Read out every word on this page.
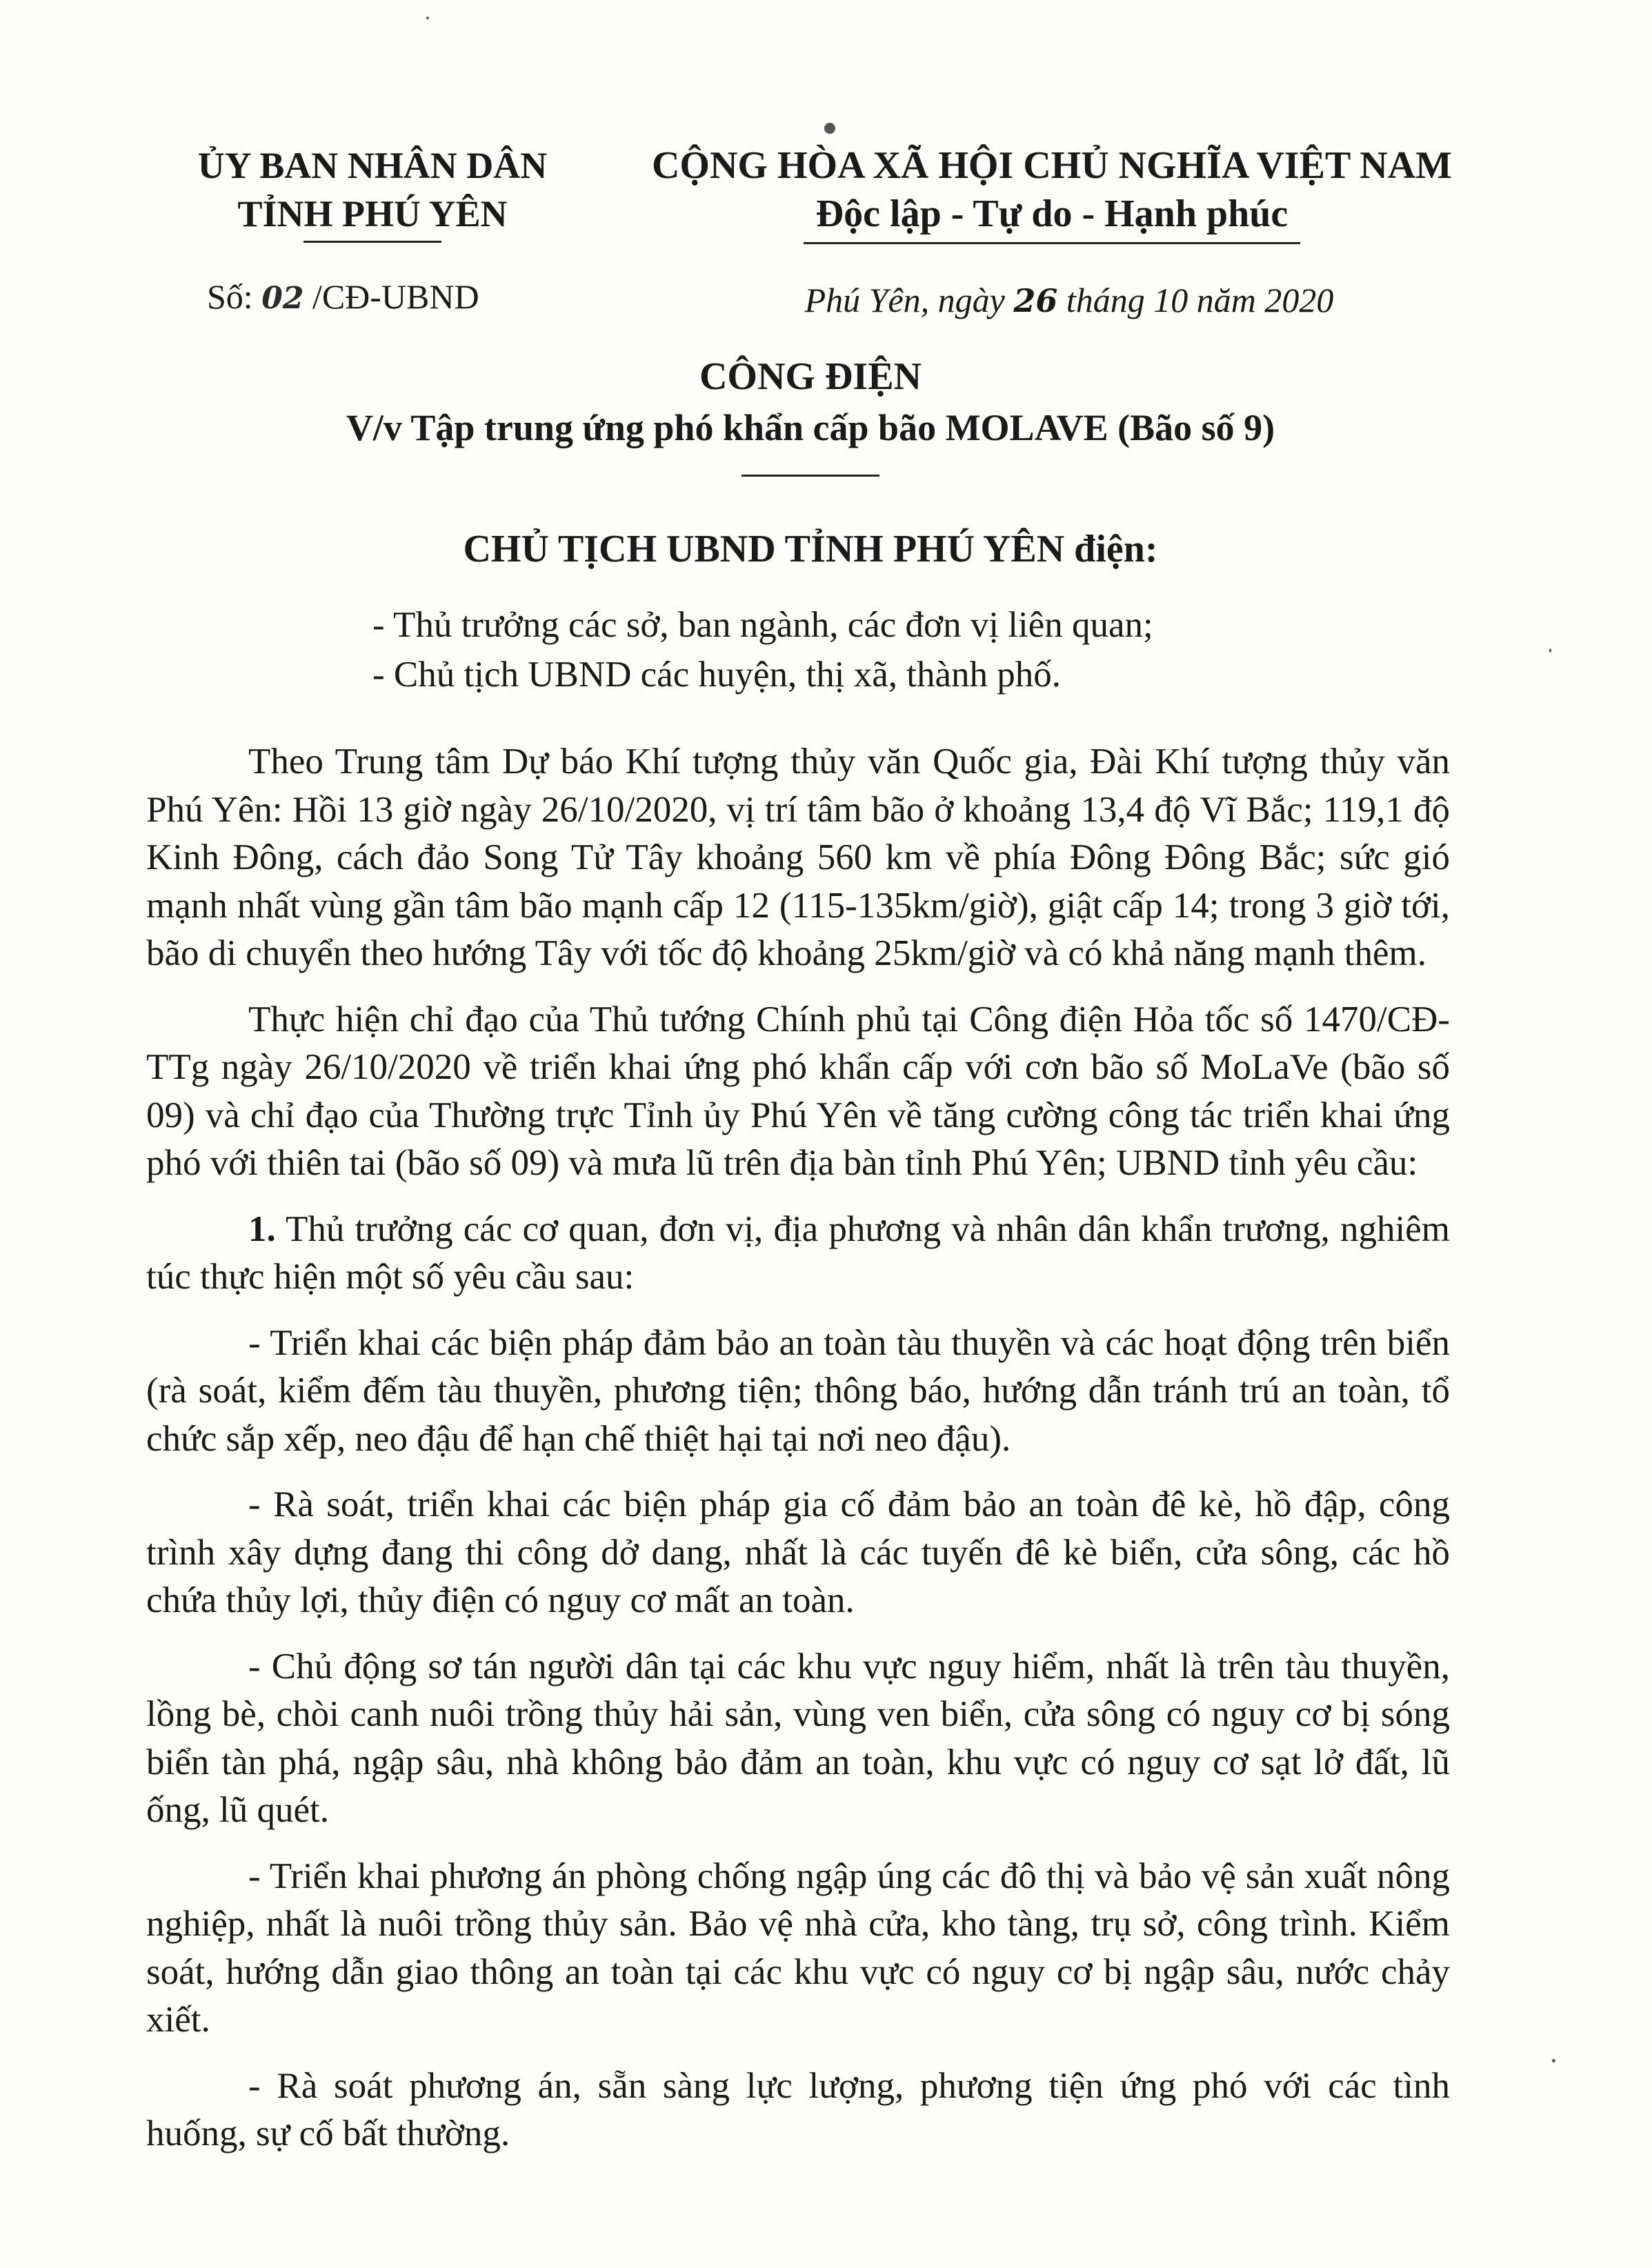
ỦY BAN NHÂN DÂN
TỈNH PHÚ YÊN
CỘNG HÒA XÃ HỘI CHỦ NGHĨA VIỆT NAM
Độc lập - Tự do - Hạnh phúc
Số: 02 /CĐ-UBND	Phú Yên, ngày 26 tháng 10 năm 2020
CÔNG ĐIỆN
V/v Tập trung ứng phó khẩn cấp bão MOLAVE (Bão số 9)
CHỦ TỊCH UBND TỈNH PHÚ YÊN điện:
- Thủ trưởng các sở, ban ngành, các đơn vị liên quan;
- Chủ tịch UBND các huyện, thị xã, thành phố.

Theo Trung tâm Dự báo Khí tượng thủy văn Quốc gia, Đài Khí tượng thủy văn Phú Yên: Hồi 13 giờ ngày 26/10/2020, vị trí tâm bão ở khoảng 13,4 độ Vĩ Bắc; 119,1 độ Kinh Đông, cách đảo Song Tử Tây khoảng 560 km về phía Đông Đông Bắc; sức gió mạnh nhất vùng gần tâm bão mạnh cấp 12 (115-135km/giờ), giật cấp 14; trong 3 giờ tới, bão di chuyển theo hướng Tây với tốc độ khoảng 25km/giờ và có khả năng mạnh thêm.

Thực hiện chỉ đạo của Thủ tướng Chính phủ tại Công điện Hỏa tốc số 1470/CĐ-TTg ngày 26/10/2020 về triển khai ứng phó khẩn cấp với cơn bão số MoLaVe (bão số 09) và chỉ đạo của Thường trực Tỉnh ủy Phú Yên về tăng cường công tác triển khai ứng phó với thiên tai (bão số 09) và mưa lũ trên địa bàn tỉnh Phú Yên; UBND tỉnh yêu cầu:

1. Thủ trưởng các cơ quan, đơn vị, địa phương và nhân dân khẩn trương, nghiêm túc thực hiện một số yêu cầu sau:

- Triển khai các biện pháp đảm bảo an toàn tàu thuyền và các hoạt động trên biển (rà soát, kiểm đếm tàu thuyền, phương tiện; thông báo, hướng dẫn tránh trú an toàn, tổ chức sắp xếp, neo đậu để hạn chế thiệt hại tại nơi neo đậu).

- Rà soát, triển khai các biện pháp gia cố đảm bảo an toàn đê kè, hồ đập, công trình xây dựng đang thi công dở dang, nhất là các tuyến đê kè biển, cửa sông, các hồ chứa thủy lợi, thủy điện có nguy cơ mất an toàn.

- Chủ động sơ tán người dân tại các khu vực nguy hiểm, nhất là trên tàu thuyền, lồng bè, chòi canh nuôi trồng thủy hải sản, vùng ven biển, cửa sông có nguy cơ bị sóng biển tàn phá, ngập sâu, nhà không bảo đảm an toàn, khu vực có nguy cơ sạt lở đất, lũ ống, lũ quét.

- Triển khai phương án phòng chống ngập úng các đô thị và bảo vệ sản xuất nông nghiệp, nhất là nuôi trồng thủy sản. Bảo vệ nhà cửa, kho tàng, trụ sở, công trình. Kiểm soát, hướng dẫn giao thông an toàn tại các khu vực có nguy cơ bị ngập sâu, nước chảy xiết.

- Rà soát phương án, sẵn sàng lực lượng, phương tiện ứng phó với các tình huống, sự cố bất thường.
